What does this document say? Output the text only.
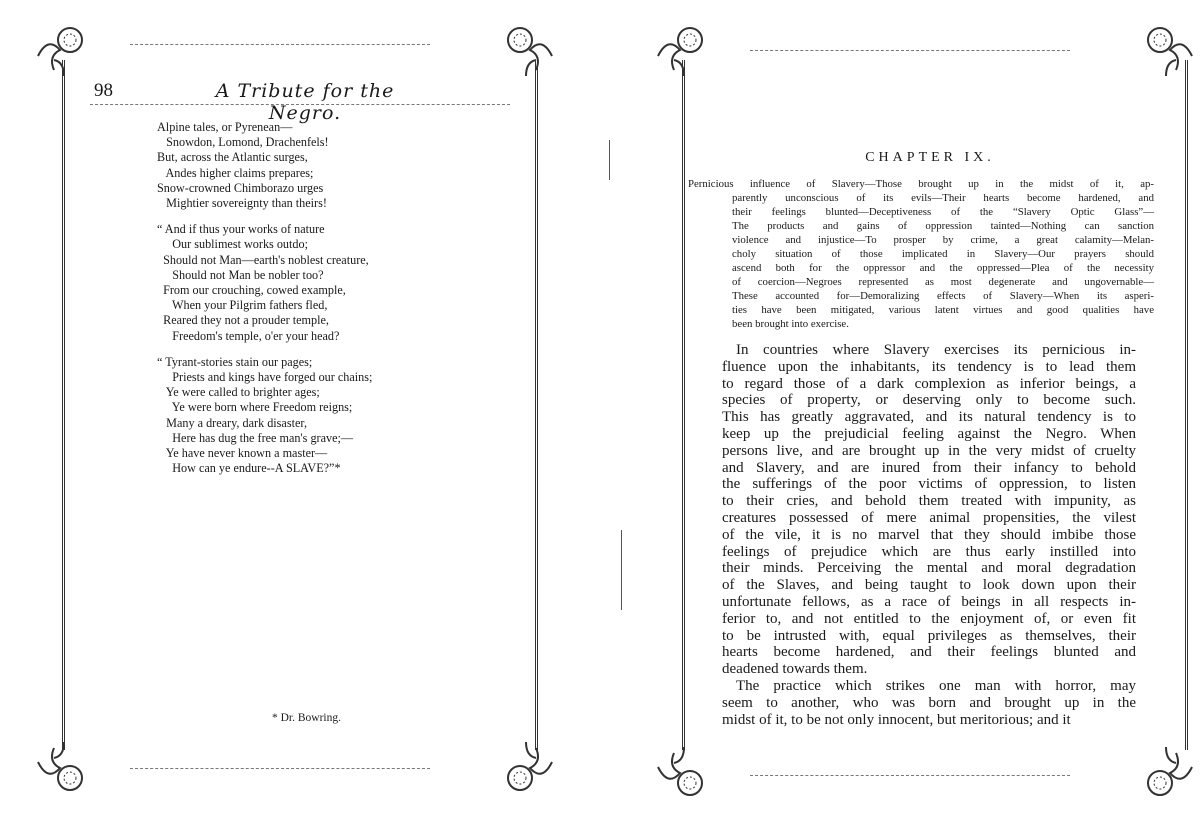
98	A Tribute for the Negro.
Alpine tales, or Pyrenean—
Snowdon, Lomond, Drachenfels!
But, across the Atlantic surges,
Andes higher claims prepares;
Snow-crowned Chimborazo urges
Mightier sovereignty than theirs!
“ And if thus your works of nature
Our sublimest works outdo;
Should not Man—earth's noblest creature,
Should not Man be nobler too?
From our crouching, cowed example,
When your Pilgrim fathers fled,
Reared they not a prouder temple,
Freedom's temple, o'er your head?
“ Tyrant-stories stain our pages;
Priests and kings have forged our chains;
Ye were called to brighter ages;
Ye were born where Freedom reigns;
Many a dreary, dark disaster,
Here has dug the free man's grave;—
Ye have never known a master—
How can ye endure--A SLAVE?”*
* Dr. Bowring.
CHAPTER IX.
Pernicious influence of Slavery—Those brought up in the midst of it, ap-
parently unconscious of its evils—Their hearts become hardened, and
their feelings blunted—Deceptiveness of the “Slavery Optic Glass”—
The products and gains of oppression tainted—Nothing can sanction
violence and injustice—To prosper by crime, a great calamity—Melan-
choly situation of those implicated in Slavery—Our prayers should
ascend both for the oppressor and the oppressed—Plea of the necessity
of coercion—Negroes represented as most degenerate and ungovernable—
These accounted for—Demoralizing effects of Slavery—When its asperi-
ties have been mitigated, various latent virtues and good qualities have
been brought into exercise.
In countries where Slavery exercises its pernicious in-
fluence upon the inhabitants, its tendency is to lead them
to regard those of a dark complexion as inferior beings, a
species of property, or deserving only to become such.
This has greatly aggravated, and its natural tendency is to
keep up the prejudicial feeling against the Negro. When
persons live, and are brought up in the very midst of cruelty
and Slavery, and are inured from their infancy to behold
the sufferings of the poor victims of oppression, to listen
to their cries, and behold them treated with impunity, as
creatures possessed of mere animal propensities, the vilest
of the vile, it is no marvel that they should imbibe those
feelings of prejudice which are thus early instilled into
their minds. Perceiving the mental and moral degradation
of the Slaves, and being taught to look down upon their
unfortunate fellows, as a race of beings in all respects in-
ferior to, and not entitled to the enjoyment of, or even fit
to be intrusted with, equal privileges as themselves, their
hearts become hardened, and their feelings blunted and
deadened towards them.
The practice which strikes one man with horror, may
seem to another, who was born and brought up in the
midst of it, to be not only innocent, but meritorious; and it
